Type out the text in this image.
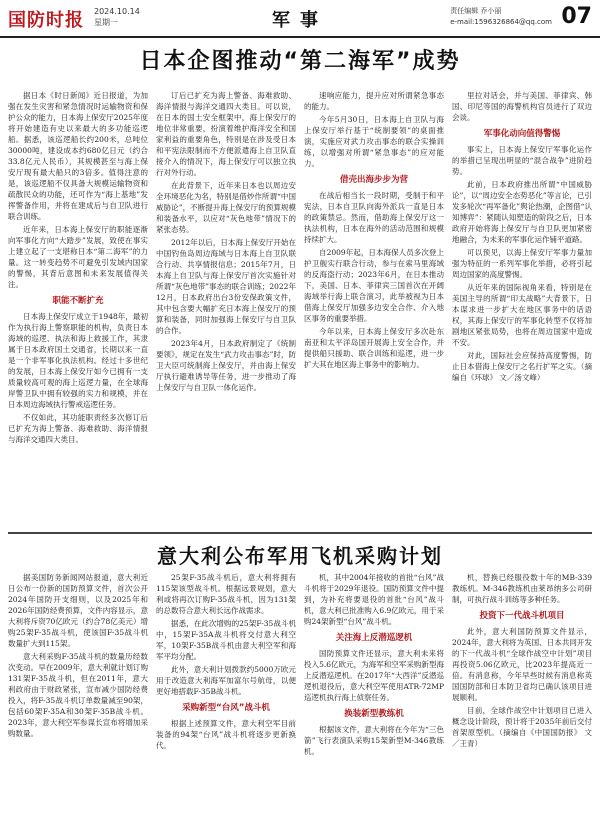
国防时报 2024.10.14
星期一	军事	责任编辑 乔小丽
e-mail:1596326864@qq.com 07
日本企图推动“第二海军”成势

据日本《时日新闻》近日报道，为加强在发生灾害和紧急情况时运输物资和保护公众的能力，日本海上保安厅2025年度将开始建造有史以来最大的多功能巡逻船。据悉，该巡逻船长约200米，总吨位30000吨，建设成本约680亿日元（约合33.8亿元人民币），其规模甚至与海上保安厅现有最大船只的3倍多。值得注意的是，该巡逻船不仅具备大规模运输物资和疏散民众的功能，还可作为“海上基地”发挥警备作用，并将在建成后与自卫队进行联合训练。

近年来，日本海上保安厅的职能逐渐向军事化方向“大踏步”发展，致使在事实上建立起了一支堪称日本“第二海军”的力量。这一转变趋势不可避免引发域内国家的警惕，其背后意图和未来发展值得关注。

职能不断扩充

日本海上保安厅成立于1948年，最初作为执行海上警察职能的机构，负责日本海域的巡逻、执法和海上救援工作，其隶属于日本政府国土交通省，长期以来一直是一个非军事化执法机构。经过十多世纪的发展，日本海上保安厅如今已拥有一支质量较高可观的海上巡逻力量，在全球海岸警卫队中拥有较强的实力和规模，并在日本周边海域执行警戒巡逻任务。

不仅如此，其功能职责经多次修订后已扩充为海上警备、海难救助、海洋情报与海洋交通四大类目。

订后已扩充为海上警备、海难救助、海洋情报与海洋交通四大类目。可以说，在日本的国土安全框架中，海上保安厅的地位非常重要，扮演着维护海洋安全和国家利益的重要角色，特别是在涉及受日本和平宪法限制而不方便派遣海上自卫队直接介入的情况下，海上保安厅可以独立执行对外行动。

在此背景下，近年来日本也以周边安全环境恶化为名，特别是借炒作所谓“中国威胁论”，不断提升海上保安厅的预算规模和装备水平，以应对“灰色地带”情况下的紧张态势。

2012年以后，日本海上保安厅开始在中国钓鱼岛周边海域与日本海上自卫队联合行动、共享情报信息；2015年7月，日本海上自卫队与海上保安厅首次实施针对所谓“灰色地带”事态的联合训练；2022年12月，日本政府出台3份安保政策文件，其中包含要大幅扩充日本海上保安厅的预算和装备，同时加强海上保安厅与自卫队的合作。

2023年4月，日本政府制定了《统制要领》，规定在发生“武力攻击事态”时，防卫大臣可统制海上保安厅，并由海上保安厅执行避难诱导等任务，进一步推动了海上保安厅与自卫队一体化运作。

速响应能力，提升应对所谓紧急事态的能力。

今年5月30日，日本海上自卫队与海上保安厅举行基于“统制要领”的桌面推演，实施应对武力攻击事态的联合实操训练，以增强对所谓“紧急事态”的应对能力。

借壳出海步步为营

在战后相当长一段时期，受制于和平宪法，日本自卫队向海外派兵一直是日本的政策禁忌。然而，借助海上保安厅这一执法机构，日本在海外的活动范围和规模持续扩大。

自2009年起，日本海保人员多次登上护卫舰实行联合行动，参与在索马里海域的反海盗行动；2023年6月，在日本推动下，美国、日本、菲律宾三国首次在开阔海域举行海上联合演习，此举被视为日本借海上保安厅加强多边安全合作、介入地区事务的重要举措。

今年以来，日本海上保安厅多次赴东南亚和太平洋岛国开展海上安全合作，并提供船只援助、联合训练和巡逻，进一步扩大其在地区海上事务中的影响力。

里拉对话会，并与美国、菲律宾、韩国、印尼等国的海警机构官员进行了双边会谈。

军事化动向值得警惕

事实上，日本海上保安厅军事化运作的举措已呈现出明显的“混合战争”进阶趋势。

此前，日本政府推出所谓“中国威胁论”，以“周边安全态势恶化”等言论，已引发多轮次“再军备化”舆论热潮，企图借“认知博弈”：紧随认知塑造的阶段之后，日本政府开始将海上保安厅与自卫队更加紧密地融合，为未来的军事化运作铺平道路。

可以预见，以海上保安厅军事力量加强为特征的一系列军事化举措，必将引起周边国家的高度警惕。

从近年来的国际视角来看，特别是在美国主导的所谓“印太战略”大背景下，日本谋求进一步扩大在地区事务中的话语权，其海上保安厅的军事化转型不仅将加剧地区紧张局势，也将在周边国家中造成不安。

对此，国际社会应保持高度警惕，防止日本借海上保安厅之名行扩军之实。（摘编自《环球》 文／汤文峰）

意大利公布军用飞机采购计划

据美国防务新闻网站报道，意大利近日公布一份新的国防预算文件，首次公开2024年国防开支细则，以及2025年和2026年国防经费预算，文件内容显示，意大利将斥资70亿欧元（约合78亿美元）增购25架F-35战斗机，使该国F-35战斗机数量扩大到115架。

意大利采购F-35战斗机的数量历经数次变动。早在2009年，意大利就计划订购131架F-35战斗机，但在2011年，意大利政府由于财政紧张，宣布减少国防经费投入，将F-35战斗机订单数量减至90架，包括60架F-35A和30架F-35B战斗机。2023年，意大利空军参谋长宣布将增加采购数量。

25架F-35战斗机后，意大利将拥有115架该型战斗机。根据远景规划，意大利或将再次订购F-35战斗机，因为131架的总数符合意大利长远作战需求。

据悉，在此次增购的25架F-35战斗机中，15架F-35A战斗机将交付意大利空军，10架F-35B战斗机由意大利空军和海军平均分配。

此外，意大利计划拨款约5000万欧元用于改造意大利海军加富尔号航母，以便更好地搭载F-35B战斗机。

采购新型“台风”战斗机

根据上述预算文件，意大利空军目前装备的94架“台风”战斗机将逐步更新换代。

机，其中2004年接收的首批“台风”战斗机将于2029年退役。国防预算文件中提到，为补充将要退役的首批“台风”战斗机，意大利已批准购入6.9亿欧元，用于采购24架新型“台风”战斗机。

关注海上反潜巡逻机

国防预算文件还显示，意大利未来将投入5.6亿欧元，为海军和空军采购新型海上反潜巡逻机。在2017年“大西洋”反潜巡逻机退役后，意大利空军使用ATR-72MP巡逻机执行海上侦察任务。

换装新型教练机

根据该文件，意大利将在今年为“三色箭”飞行表演队采购15架新型M-346教练机。

机，替换已经服役数十年的MB-339教练机。M-346教练机由莱昂纳多公司研制，可执行战斗训练等多种任务。

投资下一代战斗机项目

此外，意大利国防预算文件显示，2024年，意大利将为英国、日本共同开发的下一代战斗机“全球作战空中计划”项目再投资5.06亿欧元，比2023年提高近一倍。有消息称，今年早些时候有消息称英国国防部和日本防卫省均已确认该项目进展顺利。

目前，全球作战空中计划项目已进入概念设计阶段，预计将于2035年前后交付首架原型机。（摘编自《中国国防报》 文／王青）
